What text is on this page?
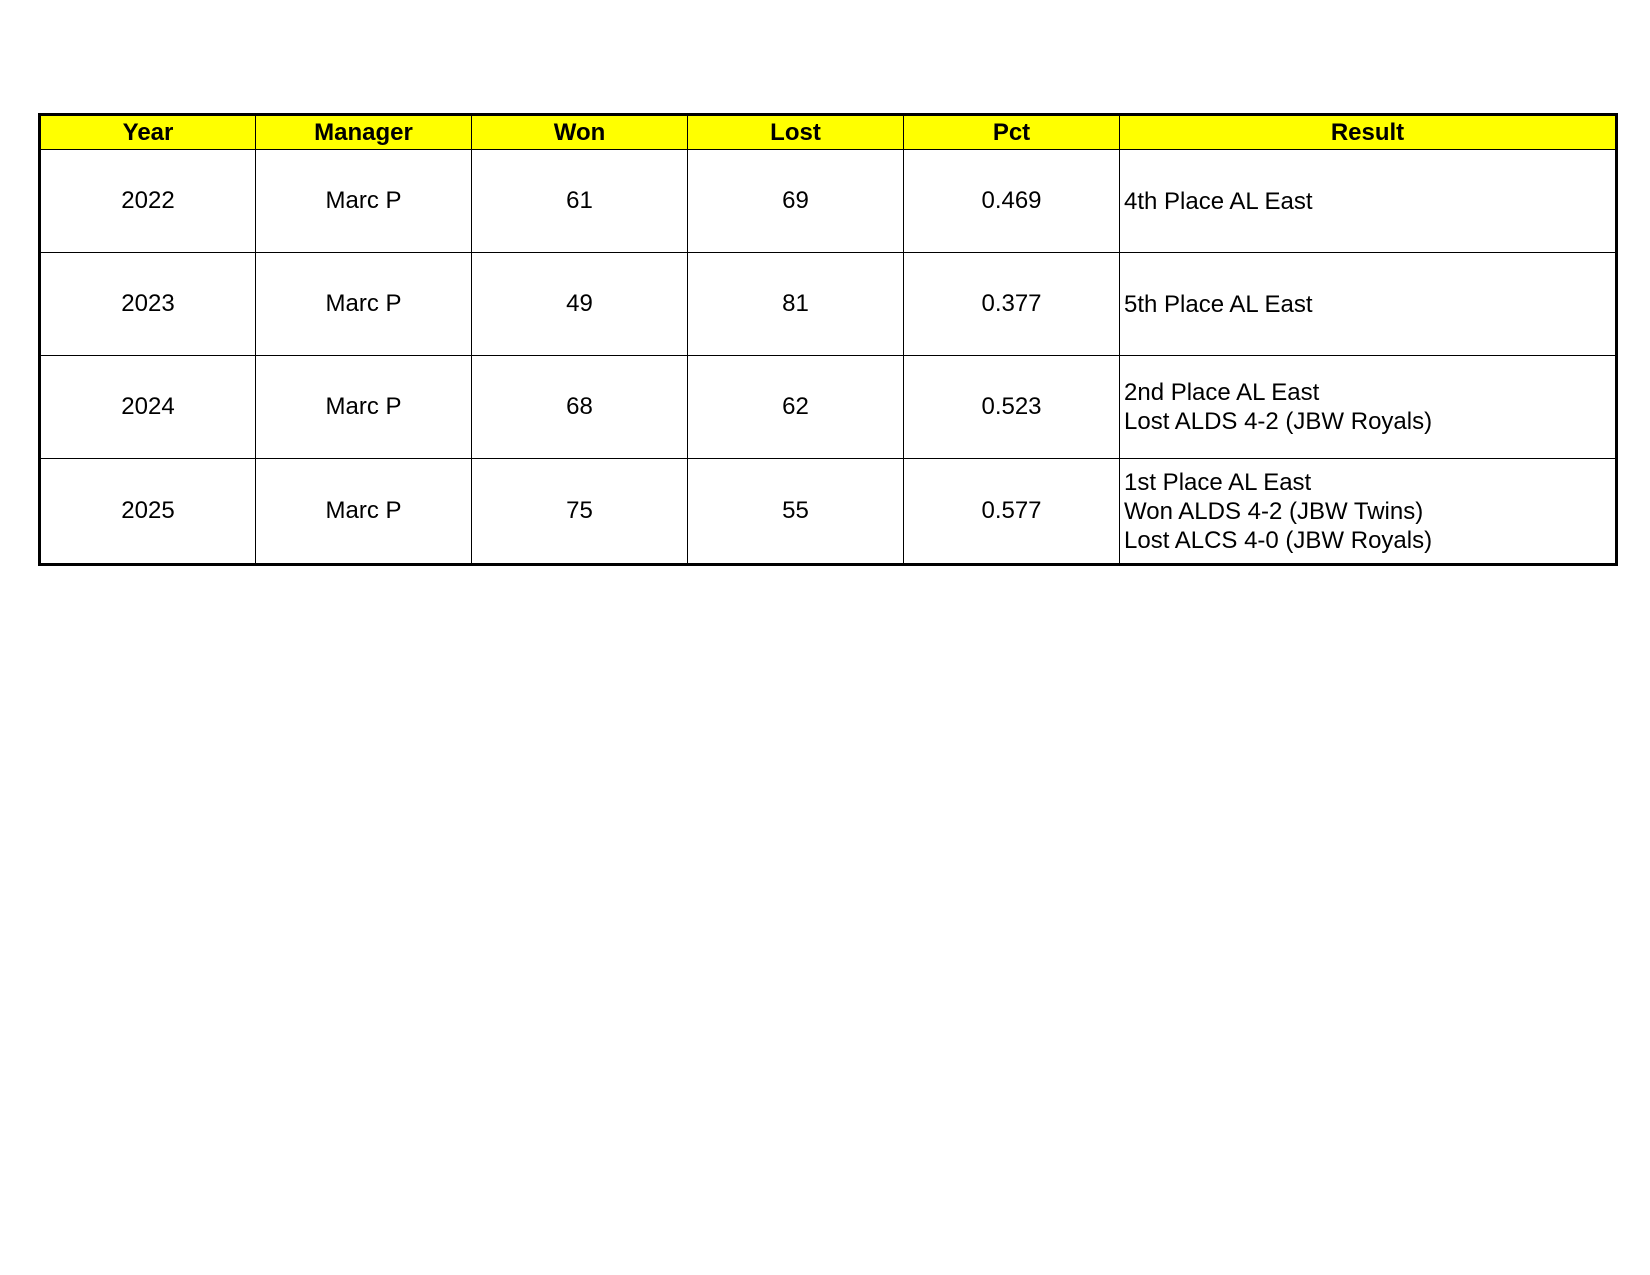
Year	Manager	Won	Lost	Pct	Result
2022	Marc P	61	69	0.469	4th Place AL East

2023	Marc P	49	81	0.377	5th Place AL East

2024	Marc P	68	62	0.523	2nd Place AL East
Lost ALDS 4-2 (JBW Royals)

2025	Marc P	75	55	0.577	1st Place AL East
Won ALDS 4-2 (JBW Twins)
Lost ALCS 4-0 (JBW Royals)
